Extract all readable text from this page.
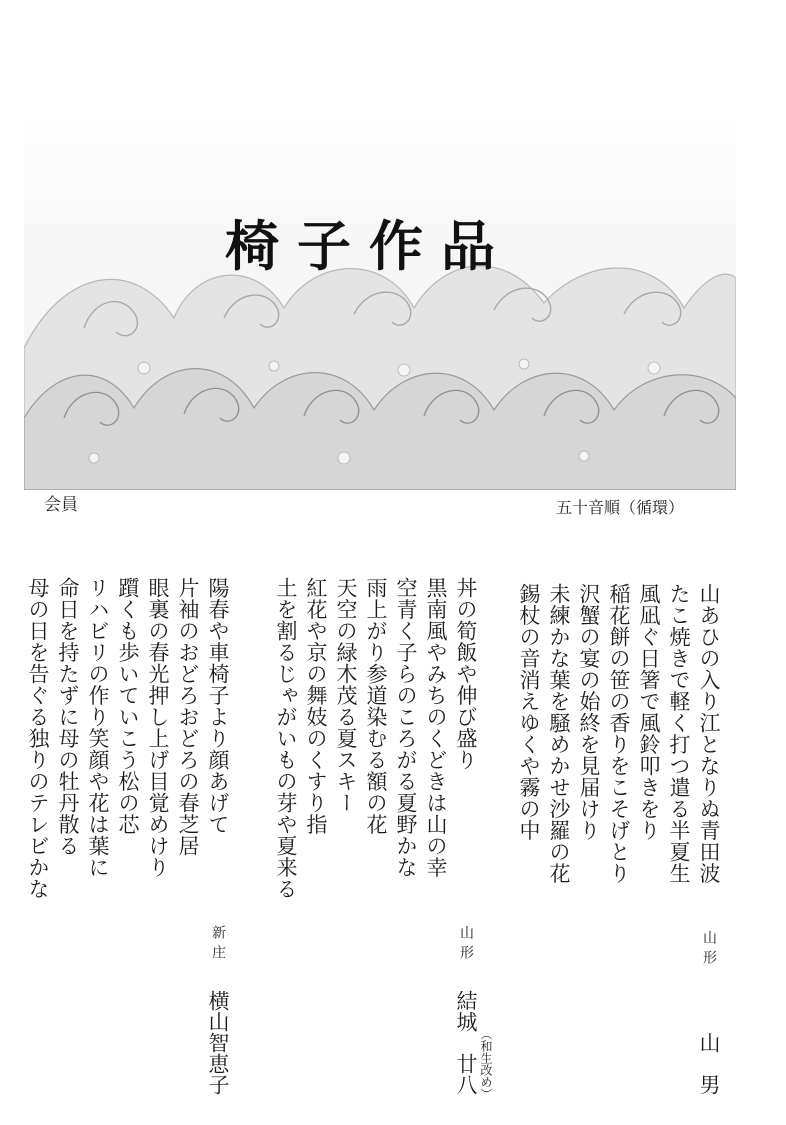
椅子作品
会員	五十音順（循環）
山あひの入り江となりぬ青田波
たこ焼きで軽く打つ遣る半夏生
風凪ぐ日箸で風鈴叩きをり
稲花餅の笹の香りをこそげとり
沢蟹の宴の始終を見届けり
未練かな葉を騒めかせ沙羅の花
錫杖の音消えゆくや霧の中
山形
山　男
丼の筍飯や伸び盛り
黒南風やみちのくどきは山の幸
空青く子らのころがる夏野かな
雨上がり参道染むる額の花
天空の緑木茂る夏スキー
紅花や京の舞妓のくすり指
土を割るじゃがいもの芽や夏来る
山形
結城　廿八 （和生改め）
陽春や車椅子より顔あげて
片袖のおどろおどろの春芝居
眼裏の春光押し上げ目覚めけり
躓くも歩いていこう松の芯
リハビリの作り笑顔や花は葉に
命日を持たずに母の牡丹散る
母の日を告ぐる独りのテレビかな
新庄
横山智恵子
